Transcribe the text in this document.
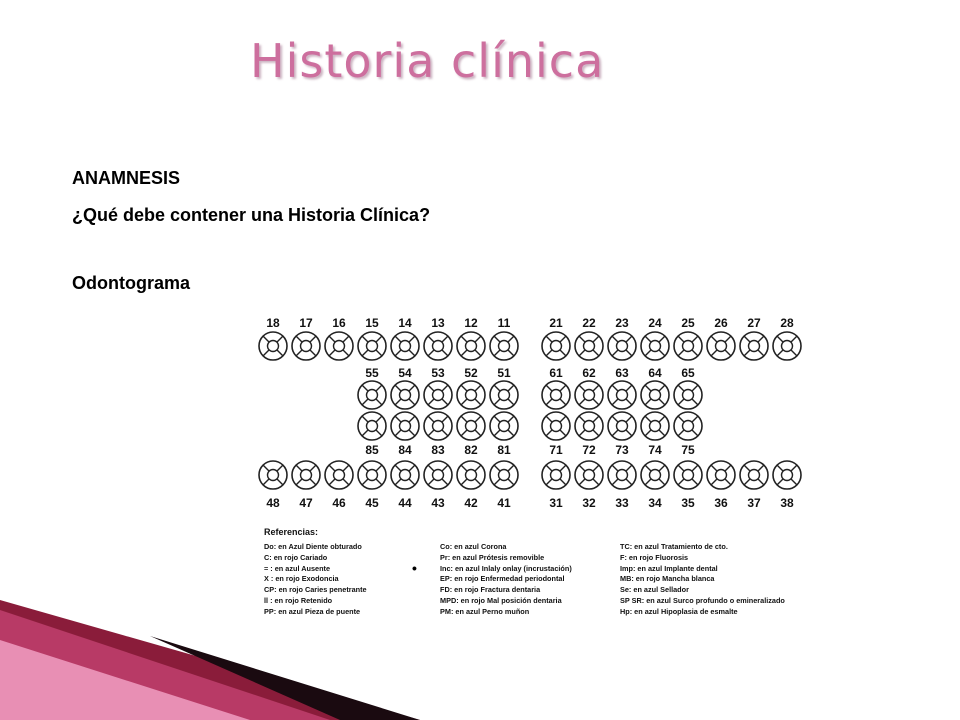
Historia clínica
ANAMNESIS
¿Qué debe contener una Historia Clínica?
Odontograma
18	17	16	15	14	13	12	11	21	22	23	24	25	26	27	28
55	54	53	52	51	61	62	63	64	65
85	84	83	82	81	71	72	73	74	75
48	47	46	45	44	43	42	41	31	32	33	34	35	36	37	38
Referencias:
Do: en Azul Diente obturado
C: en rojo Cariado
= : en azul Ausente
X : en rojo Exodoncia
CP: en rojo Caries penetrante
ll : en rojo Retenido
PP: en azul Pieza de puente
Co: en azul Corona
Pr: en azul Prótesis removible
Inc: en azul Inlaly onlay (incrustación)
EP: en rojo Enfermedad periodontal
FD: en rojo Fractura dentaria
MPD: en rojo Mal posición dentaria
PM: en azul Perno muñon
TC: en azul Tratamiento de cto.
F: en rojo Fluorosis
Imp: en azul Implante dental
MB: en rojo Mancha blanca
Se: en azul Sellador
SP SR: en azul Surco profundo o emineralizado
Hp: en azul Hipoplasia de esmalte
•
